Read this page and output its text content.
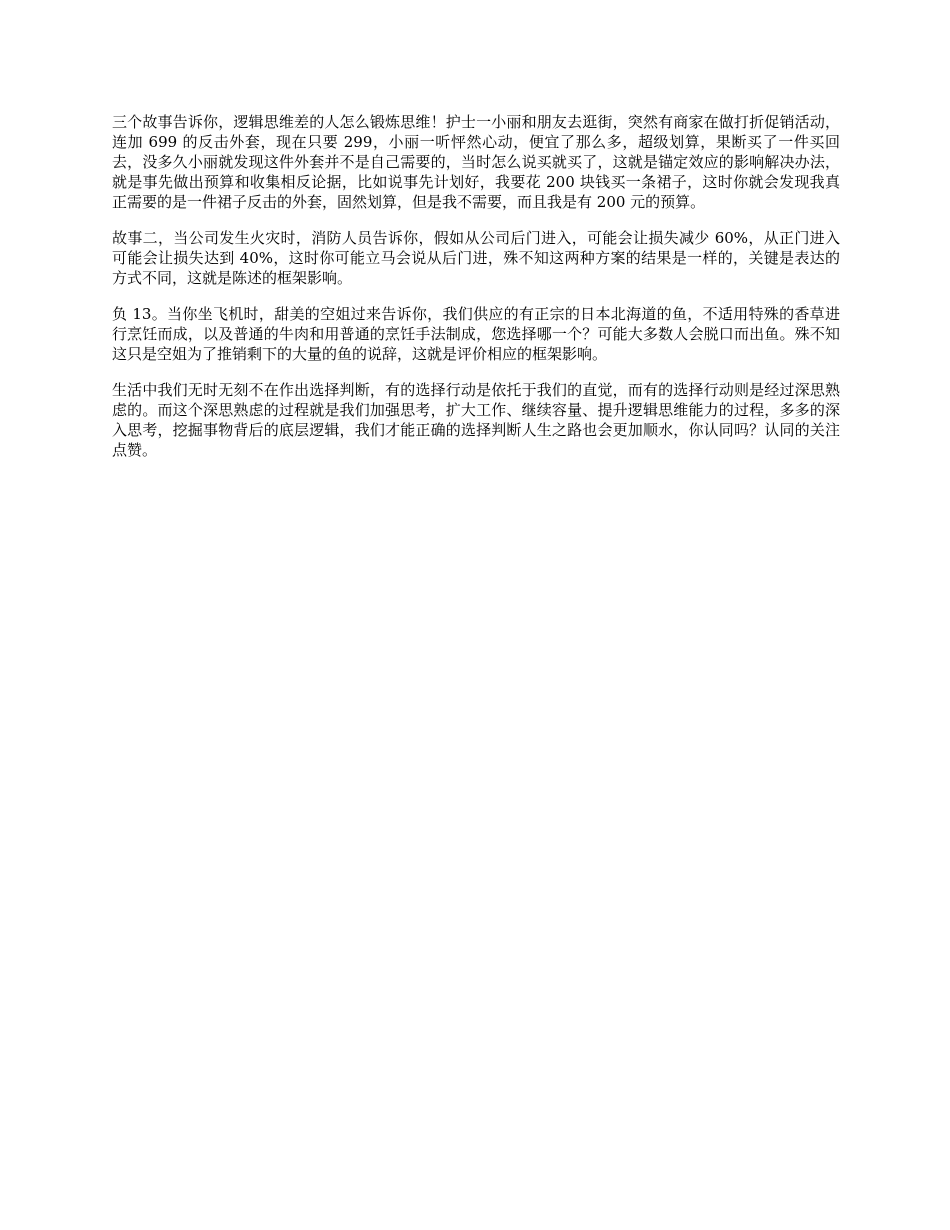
三个故事告诉你，逻辑思维差的人怎么锻炼思维！护士一小丽和朋友去逛街，突然有商家在做打折促销活动，连加 699 的反击外套，现在只要 299，小丽一听怦然心动，便宜了那么多，超级划算，果断买了一件买回去，没多久小丽就发现这件外套并不是自己需要的，当时怎么说买就买了，这就是锚定效应的影响解决办法，就是事先做出预算和收集相反论据，比如说事先计划好，我要花 200 块钱买一条裙子，这时你就会发现我真正需要的是一件裙子反击的外套，固然划算，但是我不需要，而且我是有 200 元的预算。

故事二，当公司发生火灾时，消防人员告诉你，假如从公司后门进入，可能会让损失减少 60%，从正门进入可能会让损失达到 40%，这时你可能立马会说从后门进，殊不知这两种方案的结果是一样的，关键是表达的方式不同，这就是陈述的框架影响。

负 13。当你坐飞机时，甜美的空姐过来告诉你，我们供应的有正宗的日本北海道的鱼，不适用特殊的香草进行烹饪而成，以及普通的牛肉和用普通的烹饪手法制成，您选择哪一个？可能大多数人会脱口而出鱼。殊不知这只是空姐为了推销剩下的大量的鱼的说辞，这就是评价相应的框架影响。

生活中我们无时无刻不在作出选择判断，有的选择行动是依托于我们的直觉，而有的选择行动则是经过深思熟虑的。而这个深思熟虑的过程就是我们加强思考，扩大工作、继续容量、提升逻辑思维能力的过程，多多的深入思考，挖掘事物背后的底层逻辑，我们才能正确的选择判断人生之路也会更加顺水，你认同吗？认同的关注点赞。
